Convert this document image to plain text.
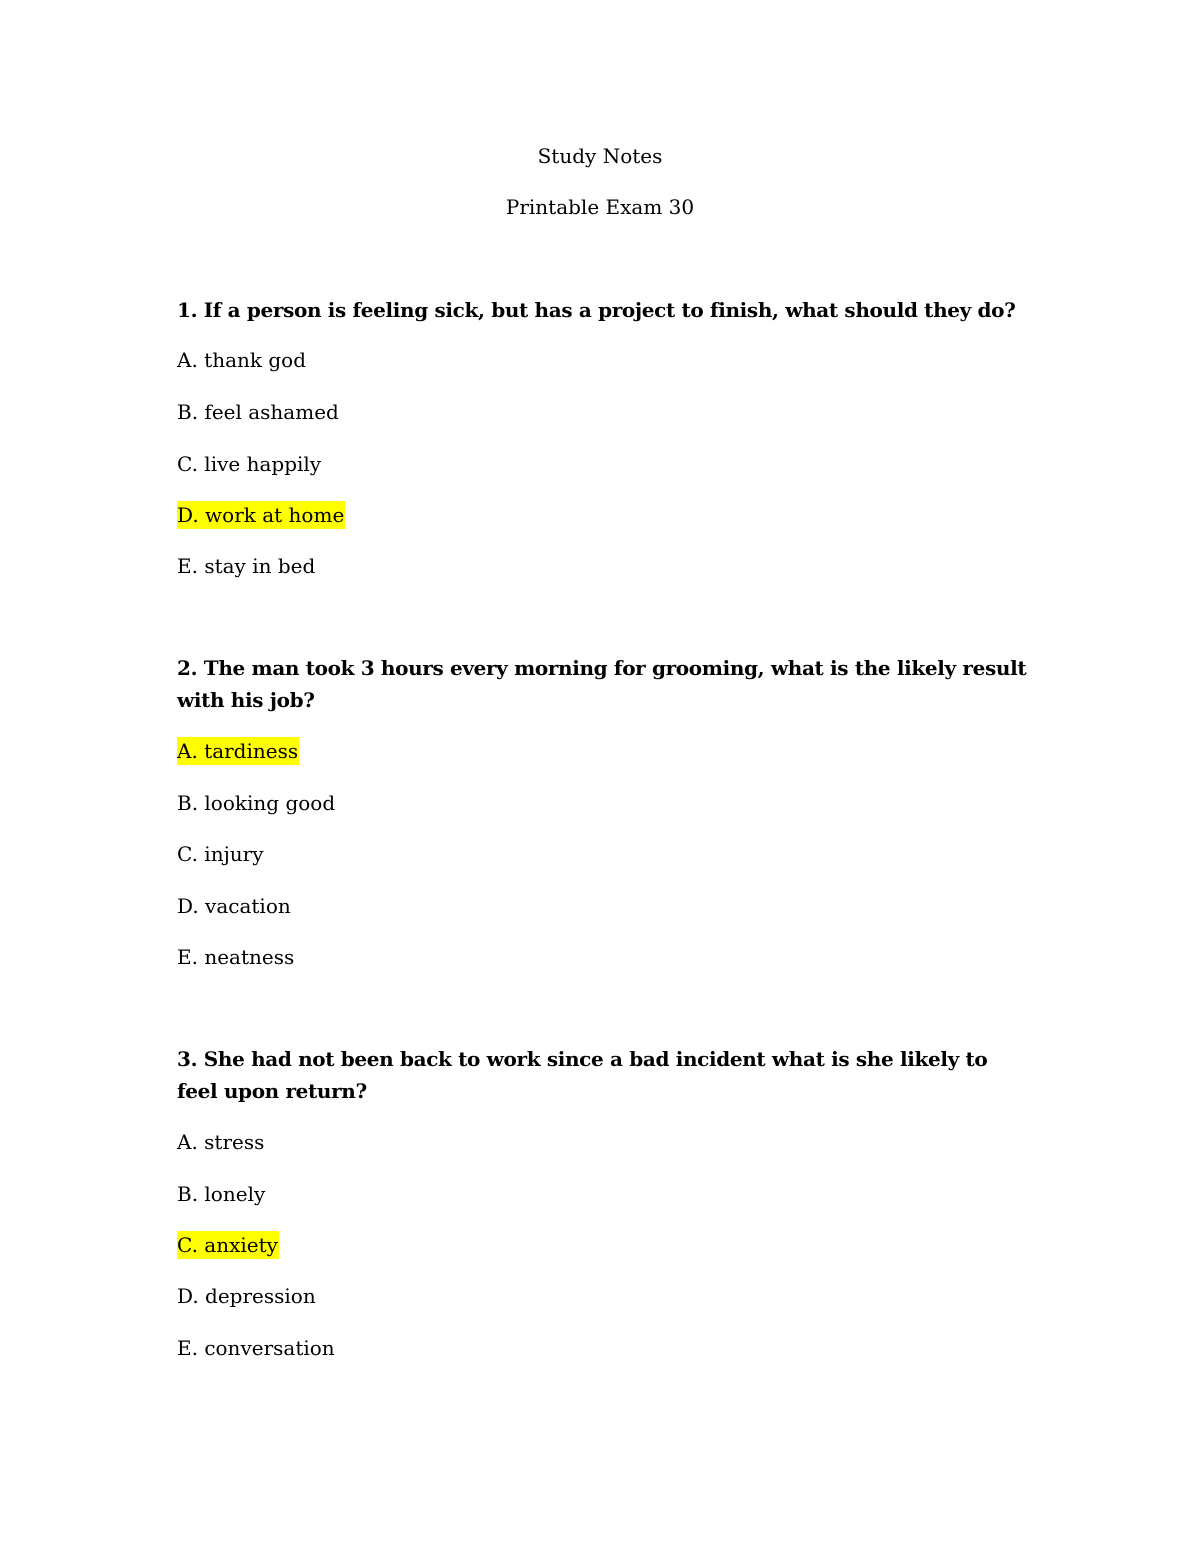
Study Notes
Printable Exam 30
1. If a person is feeling sick, but has a project to finish, what should they do?
A. thank god
B. feel ashamed
C. live happily
D. work at home
E. stay in bed
2. The man took 3 hours every morning for grooming, what is the likely result with his job?
A. tardiness
B. looking good
C. injury
D. vacation
E. neatness
3. She had not been back to work since a bad incident what is she likely to feel upon return?
A. stress
B. lonely
C. anxiety
D. depression
E. conversation
